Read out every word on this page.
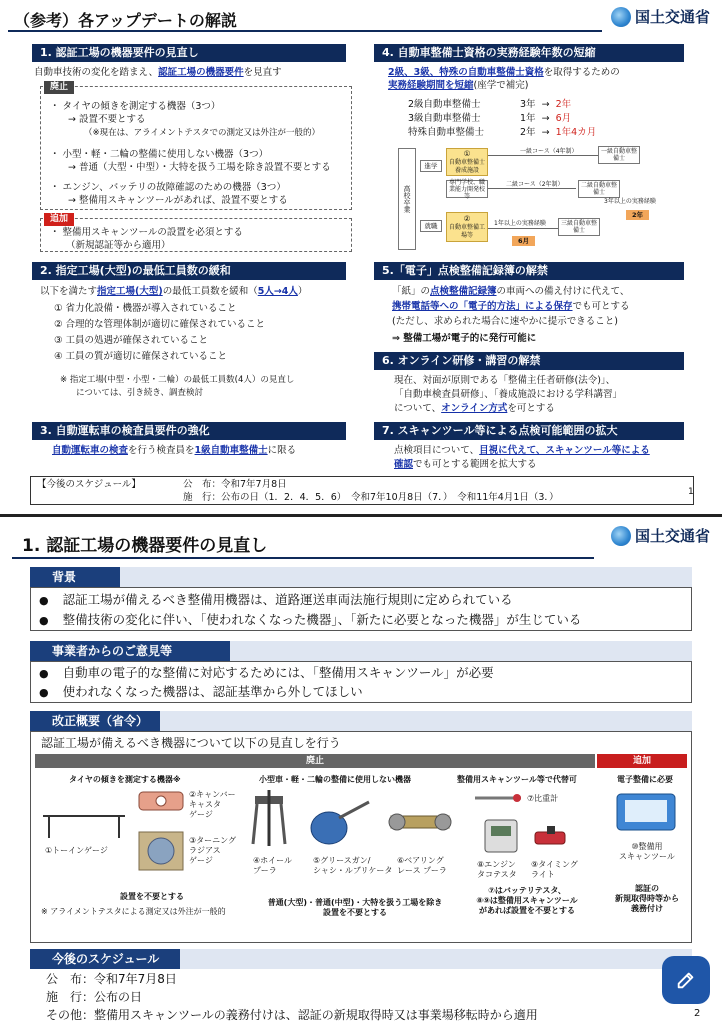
（参考）各アップデートの解説	国土交通省
1. 認証工場の機器要件の見直し
自動車技術の変化を踏まえ、認証工場の機器要件を見直す
廃止
・ タイヤの傾きを測定する機器（3つ）
→ 設置不要とする
（※現在は、アライメントテスタでの測定又は外注が一般的）
・ 小型・軽・二輪の整備に使用しない機器（3つ）
→ 普通（大型・中型）・大特を扱う工場を除き設置不要とする
・ エンジン、バッテリの故障確認のための機器（3つ）
→ 整備用スキャンツールがあれば、設置不要とする
追加
・ 整備用スキャンツールの設置を必須とする
（新規認証等から適用）
2. 指定工場(大型)の最低工員数の緩和
以下を満たす指定工場(大型)の最低工員数を緩和（5人→4人）
① 省力化設備・機器が導入されていること
② 合理的な管理体制が適切に確保されていること
③ 工員の処遇が確保されていること
④ 工員の質が適切に確保されていること
※ 指定工場(中型・小型・二輪）の最低工員数(4人）の見直し
については、引き続き、調査検討
3. 自動運転車の検査員要件の強化
自動運転車の検査を行う検査員を1級自動車整備士に限る
4. 自動車整備士資格の実務経験年数の短縮
2級、3級、特殊の自動車整備士資格を取得するための
実務経験期間を短縮(座学で補完)
2級自動車整備士	3年 → 2年
3級自動車整備士	1年 → 6月
特殊自動車整備士	2年 → 1年4カ月
高校卒業
進学
就職
①
自動車整備士養成施設
専門学校、職業能力開発校等
②
自動車整備工場等
一級コース（4年制）
二級コース（2年制）
一級自動車整備士
二級自動車整備士
三級自動車整備士
3年以上の実務経験
2年
1年以上の実務経験
6月
5.「電子」点検整備記録簿の解禁
「紙」の点検整備記録簿の車両への備え付けに代えて、
携帯電話等への「電子的方法」による保存でも可とする
(ただし、求められた場合に速やかに提示できること)
⇒ 整備工場が電子的に発行可能に
6. オンライン研修・講習の解禁
現在、対面が原則である「整備主任者研修(法令)」、
「自動車検査員研修」、「養成施設における学科講習」
について、オンライン方式を可とする
7. スキャンツール等による点検可能範囲の拡大
点検項目について、目視に代えて、スキャンツール等による
確認でも可とする範囲を拡大する
【今後のスケジュール】	公　布：令和7年7月8日
施　行：公布の日（1．2．4．5．6）　令和7年10月8日（7．）　令和11年4月1日（3．）	1
1. 認証工場の機器要件の見直し	国土交通省
背景
● 認証工場が備えるべき整備用機器は、道路運送車両法施行規則に定められている
● 整備技術の変化に伴い、「使われなくなった機器」、「新たに必要となった機器」が生じている
事業者からのご意見等
● 自動車の電子的な整備に対応するためには、「整備用スキャンツール」が必要
● 使われなくなった機器は、認証基準から外してほしい
改正概要（省令）
認証工場が備えるべき機器について以下の見直しを行う
廃止	追加
タイヤの傾きを測定する機器※	小型車・軽・二輪の整備に使用しない機器	整備用スキャンツール等で代替可	電子整備に必要
②キャンバー
キャスタ
ゲージ
③ターニング
ラジアス
ゲージ
①トーインゲージ
④ホイール
プーラ
⑤グリースガン/
シャシ・ルブリケータ
⑥ベアリング
レース プーラ
⑦比重計
⑧エンジン
タコテスタ
⑨タイミング
ライト
⑩整備用
スキャンツール
設置を不要とする
※ アライメントテスタによる測定又は外注が一般的
普通(大型)・普通(中型)・大特を扱う工場を除き
設置を不要とする
⑦はバッテリテスタ、
⑧⑨は整備用スキャンツール
があれば設置を不要とする
認証の
新規取得時等から
義務付け
今後のスケジュール
公　布：令和7年7月8日
施　行：公布の日
その他：整備用スキャンツールの義務付けは、認証の新規取得時又は事業場移転時から適用	2
